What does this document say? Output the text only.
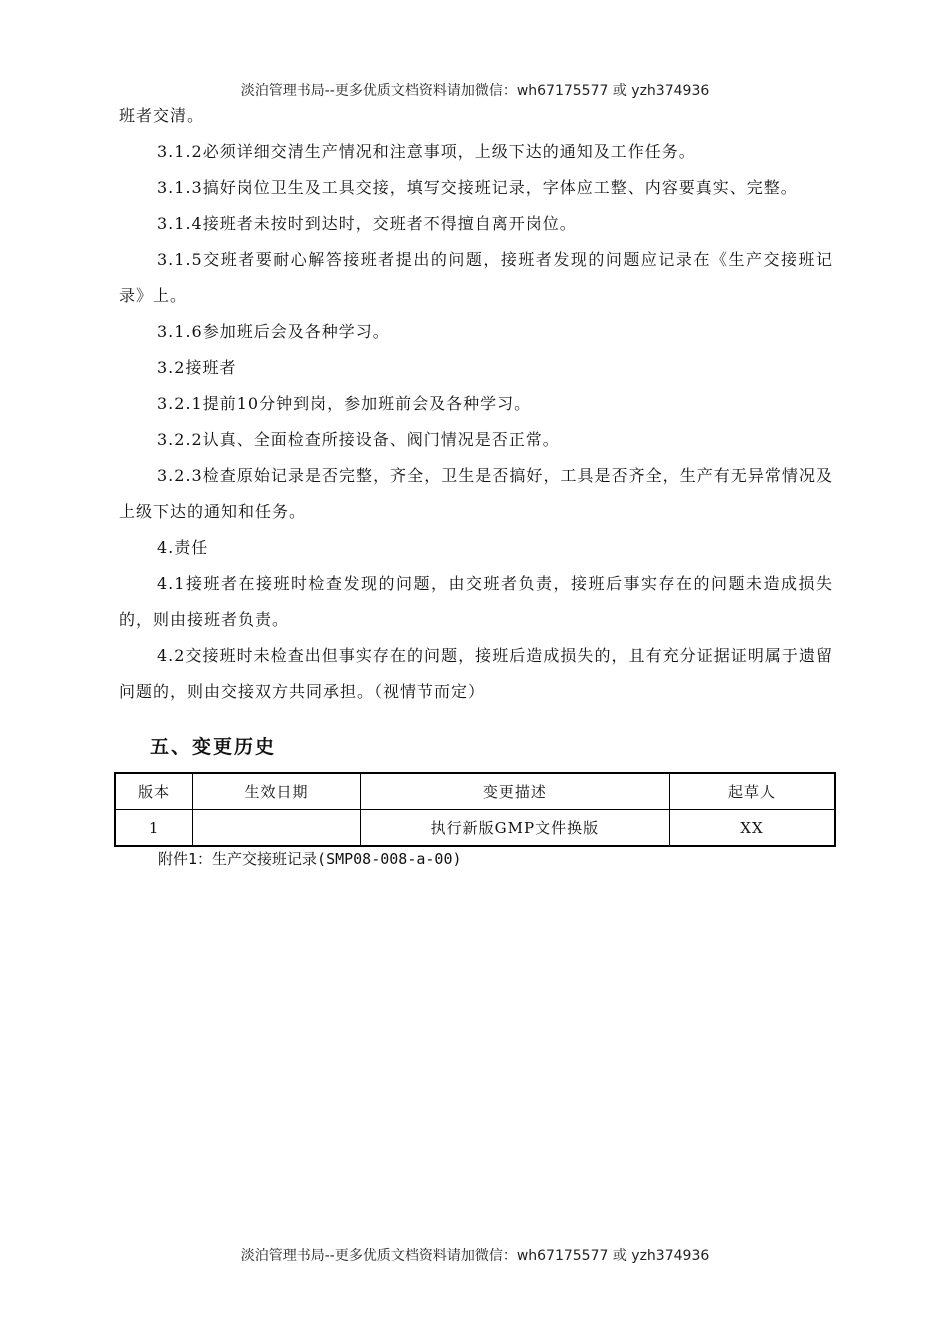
淡泊管理书局--更多优质文档资料请加微信：wh67175577 或 yzh374936

班者交清。

3.1.2必须详细交清生产情况和注意事项，上级下达的通知及工作任务。

3.1.3搞好岗位卫生及工具交接，填写交接班记录，字体应工整、内容要真实、完整。

3.1.4接班者未按时到达时，交班者不得擅自离开岗位。

3.1.5交班者要耐心解答接班者提出的问题，接班者发现的问题应记录在《生产交接班记录》上。

3.1.6参加班后会及各种学习。

3.2接班者

3.2.1提前10分钟到岗，参加班前会及各种学习。

3.2.2认真、全面检查所接设备、阀门情况是否正常。

3.2.3检查原始记录是否完整，齐全，卫生是否搞好，工具是否齐全，生产有无异常情况及上级下达的通知和任务。

4.责任

4.1接班者在接班时检查发现的问题，由交班者负责，接班后事实存在的问题未造成损失的，则由接班者负责。

4.2交接班时未检查出但事实存在的问题，接班后造成损失的，且有充分证据证明属于遗留问题的，则由交接双方共同承担。（视情节而定）

五、变更历史
版本	生效日期	变更描述	起草人
1		执行新版GMP文件换版	XX
附件1：生产交接班记录(SMP08-008-a-00)
淡泊管理书局--更多优质文档资料请加微信：wh67175577 或 yzh374936
